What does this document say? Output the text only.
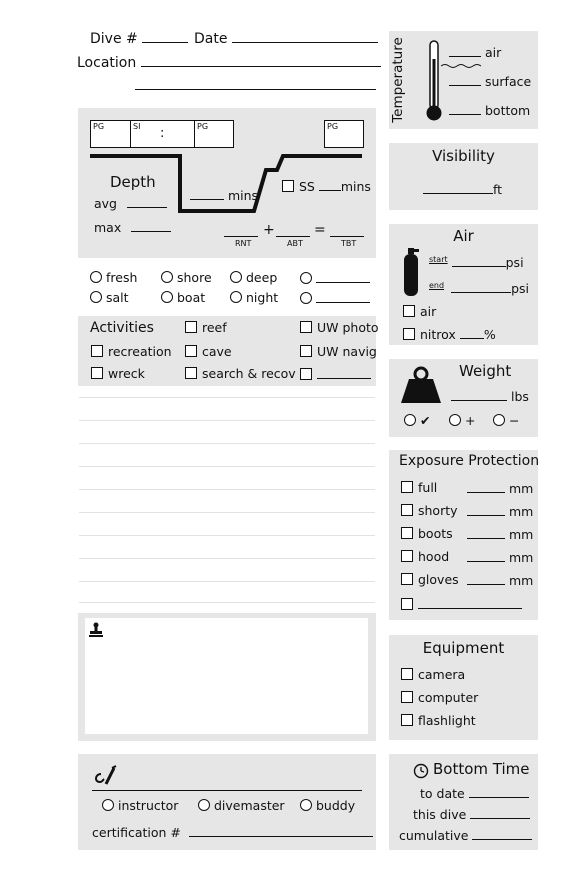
Dive #	Date
Location
PG	SI :	PG	PG
Depth
avg
max
mins
SS mins
+	=
RNT	ABT	TBT
fresh	shore	deep
salt	boat	night
Activities	reef	UW photo
recreation	cave	UW navig
wreck	search & recov
instructor	divemaster	buddy
certification #
Temperature	air
surface
bottom
Visibility
ft
Air
$^{start}$	psi
$^{end}$	psi
air
nitrox %
Weight
lbs
✔	+	−
Exposure Protection
full	mm
shorty	mm
boots	mm
hood	mm
gloves	mm
Equipment
camera
computer
flashlight
Bottom Time
to date
this dive
cumulative
